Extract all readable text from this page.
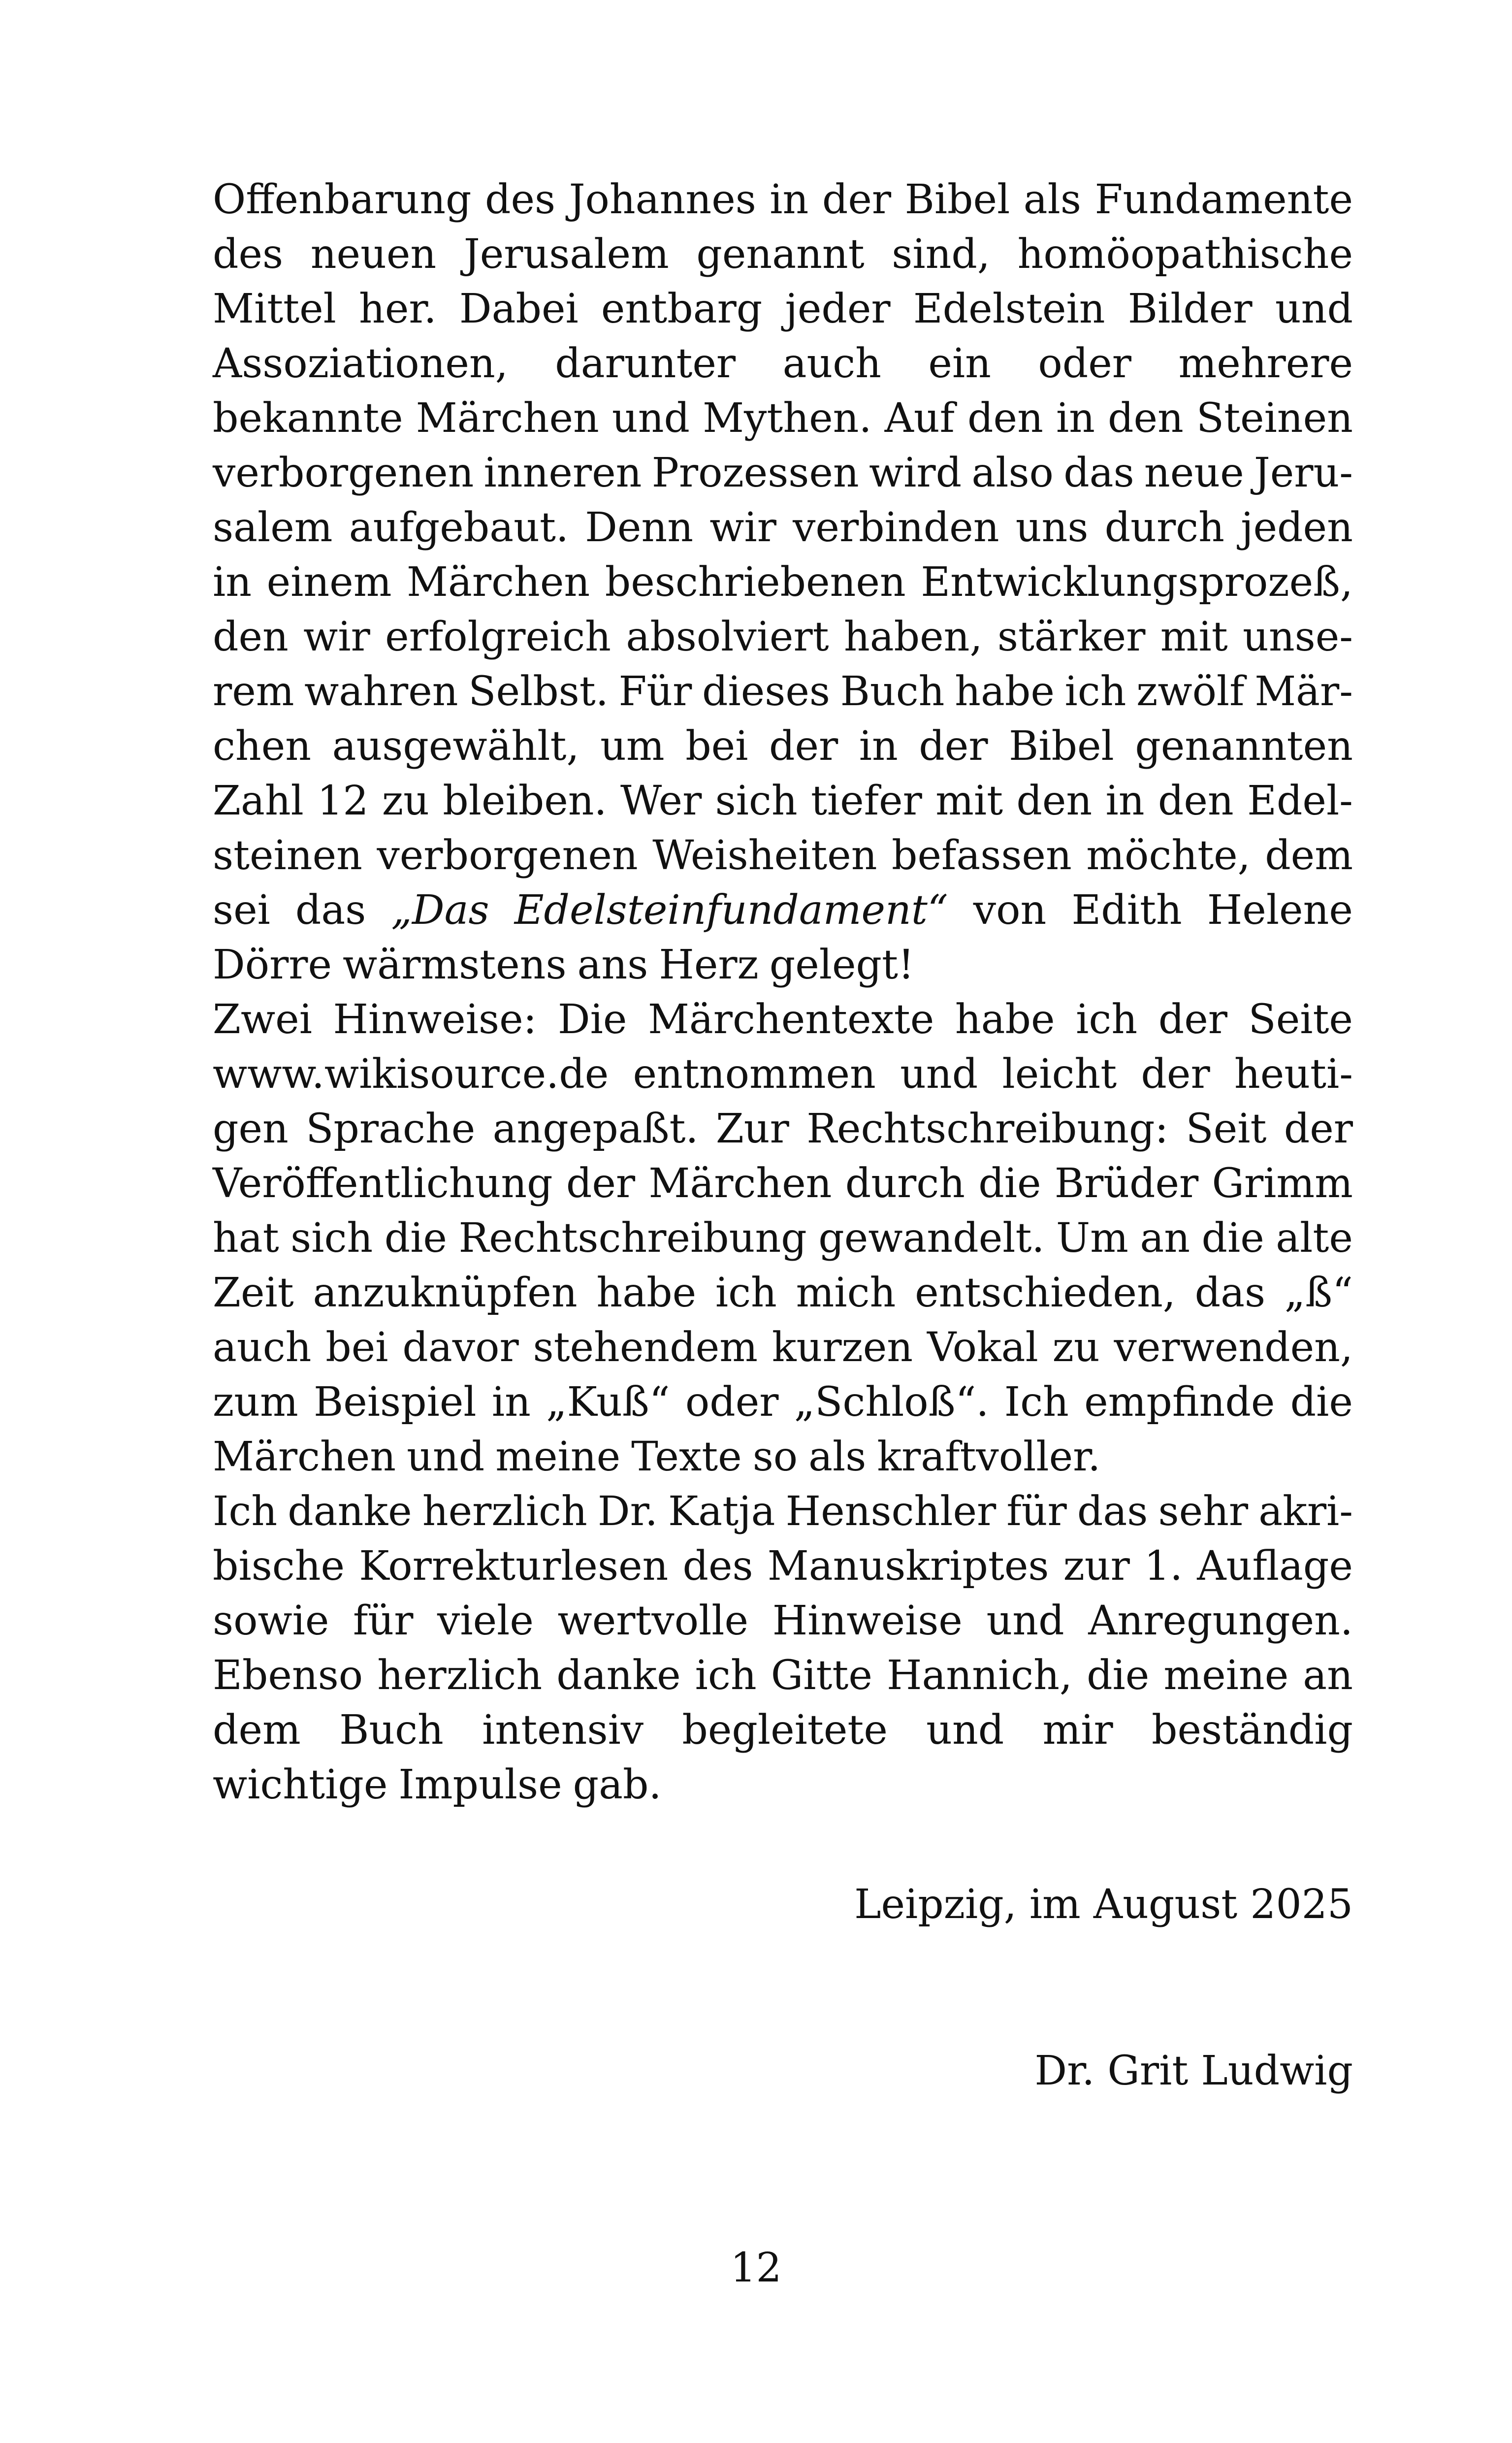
Offenbarung des Johannes in der Bibel als Fundamente
des neuen Jerusalem genannt sind, homöopathische
Mittel her. Dabei entbarg jeder Edelstein Bilder und
Assoziationen, darunter auch ein oder mehrere
bekannte Märchen und Mythen. Auf den in den Steinen
verborgenen inneren Prozessen wird also das neue Jeru-
salem aufgebaut. Denn wir verbinden uns durch jeden
in einem Märchen beschriebenen Entwicklungsprozeß,
den wir erfolgreich absolviert haben, stärker mit unse-
rem wahren Selbst. Für dieses Buch habe ich zwölf Mär-
chen ausgewählt, um bei der in der Bibel genannten
Zahl 12 zu bleiben. Wer sich tiefer mit den in den Edel-
steinen verborgenen Weisheiten befassen möchte, dem
sei das „Das Edelsteinfundament“ von Edith Helene
Dörre wärmstens ans Herz gelegt!
Zwei Hinweise: Die Märchentexte habe ich der Seite
www.wikisource.de entnommen und leicht der heuti-
gen Sprache angepaßt. Zur Rechtschreibung: Seit der
Veröffentlichung der Märchen durch die Brüder Grimm
hat sich die Rechtschreibung gewandelt. Um an die alte
Zeit anzuknüpfen habe ich mich entschieden, das „ß“
auch bei davor stehendem kurzen Vokal zu verwenden,
zum Beispiel in „Kuß“ oder „Schloß“. Ich empfinde die
Märchen und meine Texte so als kraftvoller.
Ich danke herzlich Dr. Katja Henschler für das sehr akri-
bische Korrekturlesen des Manuskriptes zur 1. Auflage
sowie für viele wertvolle Hinweise und Anregungen.
Ebenso herzlich danke ich Gitte Hannich, die meine an
dem Buch intensiv begleitete und mir beständig
wichtige Impulse gab.
Leipzig, im August 2025
Dr. Grit Ludwig
12
